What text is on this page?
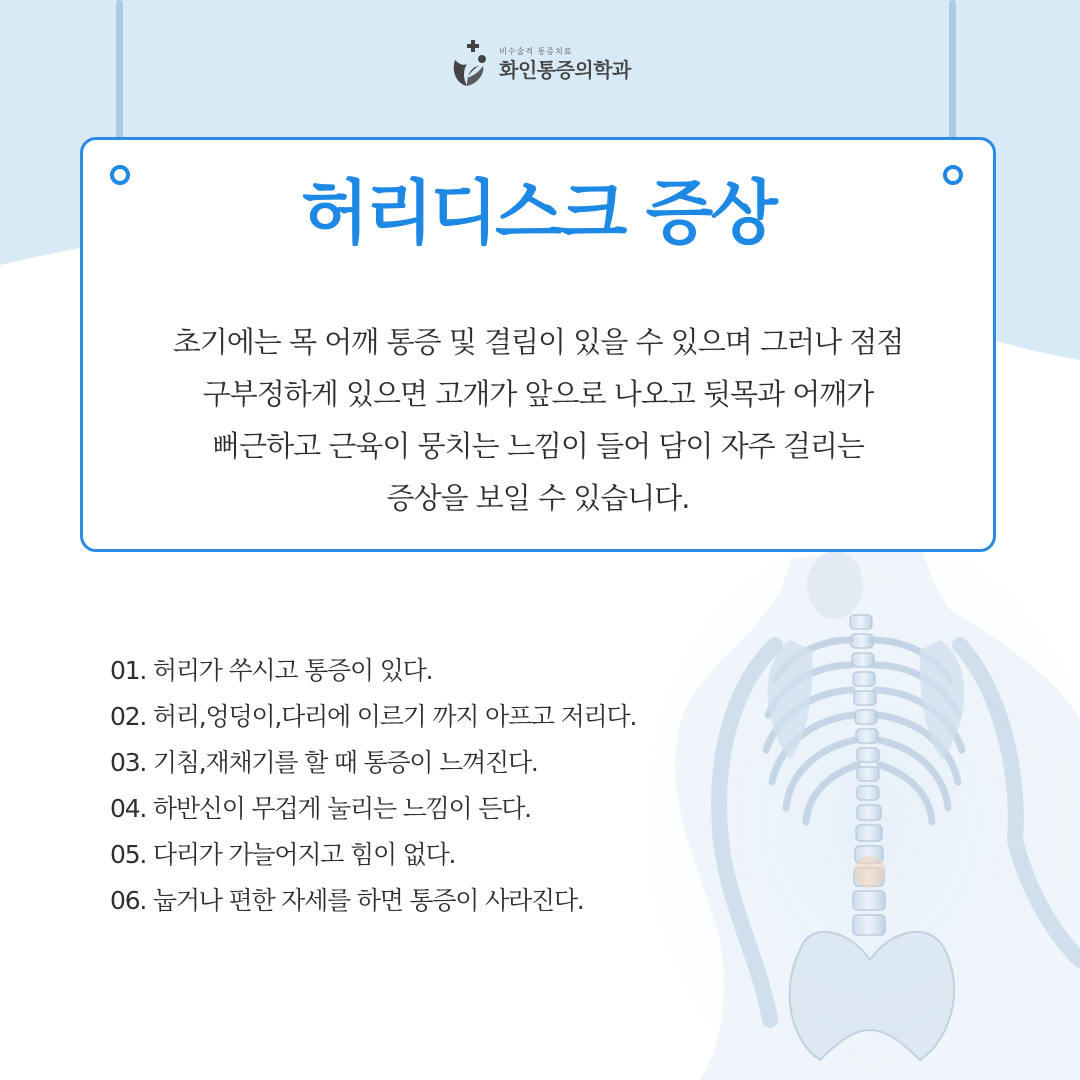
비수술적 통증치료
화인통증의학과
허리디스크 증상
초기에는 목 어깨 통증 및 결림이 있을 수 있으며 그러나 점점
구부정하게 있으면 고개가 앞으로 나오고 뒷목과 어깨가
뻐근하고 근육이 뭉치는 느낌이 들어 담이 자주 걸리는
증상을 보일 수 있습니다.
01. 허리가 쑤시고 통증이 있다.
02. 허리,엉덩이,다리에 이르기 까지 아프고 저리다.
03. 기침,재채기를 할 때 통증이 느껴진다.
04. 하반신이 무겁게 눌리는 느낌이 든다.
05. 다리가 가늘어지고 힘이 없다.
06. 눕거나 편한 자세를 하면 통증이 사라진다.
